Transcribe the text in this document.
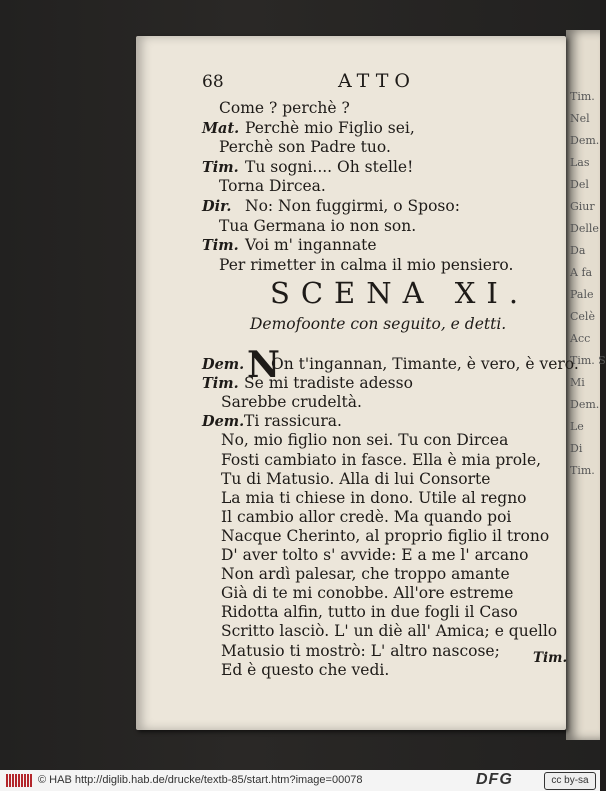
Tim.
Nel
Dem.
Las
Del
Giur
Delle
Da
A fa
Pale
Celè
Acc
Tim. S
Mi
Dem.
Le
Di
Tim.
68	ATTO
Come ? perchè ?
Mat. Perchè mio Figlio sei,
Perchè son Padre tuo.
Tim. Tu sogni.... Oh stelle!
Torna Dircea.
Dir. No: Non fuggirmi, o Sposo:
Tua Germana io non son.
Tim. Voi m' ingannate
Per rimetter in calma il mio pensiero.
SCENA XI.
Demofoonte con seguito, e detti.
N
Dem. On t'ingannan, Timante, è vero, è vero.
Tim. Se mi tradiste adesso
Sarebbe crudeltà.
Dem. Ti rassicura.
No, mio figlio non sei. Tu con Dircea
Fosti cambiato in fasce. Ella è mia prole,
Tu di Matusio. Alla di lui Consorte
La mia ti chiese in dono. Utile al regno
Il cambio allor credè. Ma quando poi
Nacque Cherinto, al proprio figlio il trono
D' aver tolto s' avvide: E a me l' arcano
Non ardì palesar, che troppo amante
Già di te mi conobbe. All'ore estreme
Ridotta alfin, tutto in due fogli il Caso
Scritto lasciò. L' un diè all' Amica; e quello
Matusio ti mostrò: L' altro nascose;
Ed è questo che vedi.
Tim.
© HAB http://diglib.hab.de/drucke/textb-85/start.htm?image=00078	DFG	cc by-sa
